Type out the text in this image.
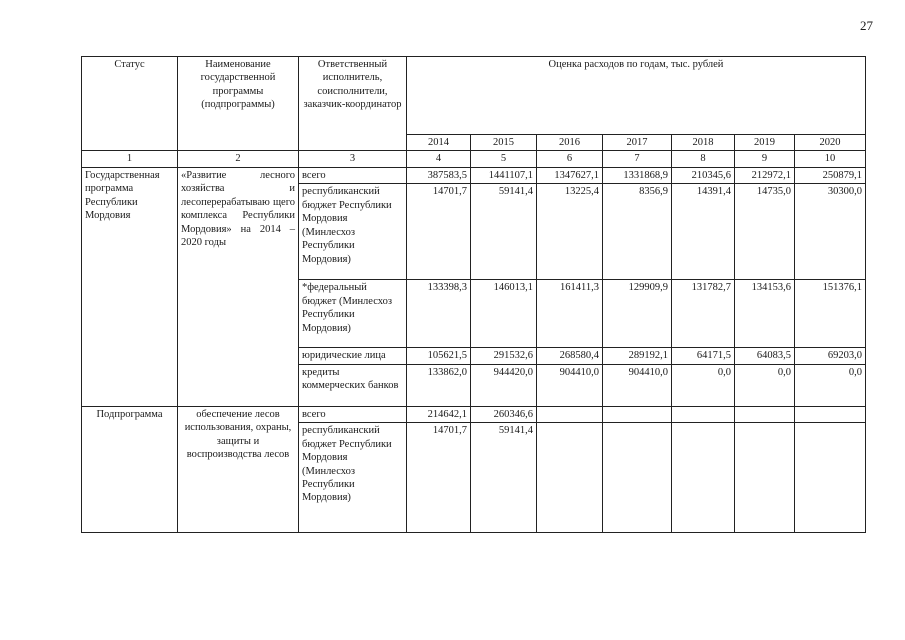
27
Статус	Наименование государственной программы (подпрограммы)	Ответственный исполнитель, соисполнители, заказчик-координатор	Оценка расходов по годам, тыс. рублей						
			2014	2015	2016	2017	2018	2019	2020
1	2	3	4	5	6	7	8	9	10
Государственная программа Республики Мордовия	«Развитие лесного хозяйства и лесоперерабатываю щего комплекса Республики Мордовия» на 2014 – 2020 годы	всего	387583,5	1441107,1	1347627,1	1331868,9	210345,6	212972,1	250879,1
		республиканский бюджет Республики Мордовия (Минлесхоз Республики Мордовия)	14701,7	59141,4	13225,4	8356,9	14391,4	14735,0	30300,0
		*федеральный бюджет (Минлесхоз Республики Мордовия)	133398,3	146013,1	161411,3	129909,9	131782,7	134153,6	151376,1
		юридические лица	105621,5	291532,6	268580,4	289192,1	64171,5	64083,5	69203,0
		кредиты коммерческих банков	133862,0	944420,0	904410,0	904410,0	0,0	0,0	0,0
Подпрограмма	обеспечение лесов использования, охраны, защиты и воспроизводства лесов	всего	214642,1	260346,6					
		республиканский бюджет Республики Мордовия (Минлесхоз Республики Мордовия)	14701,7	59141,4					
